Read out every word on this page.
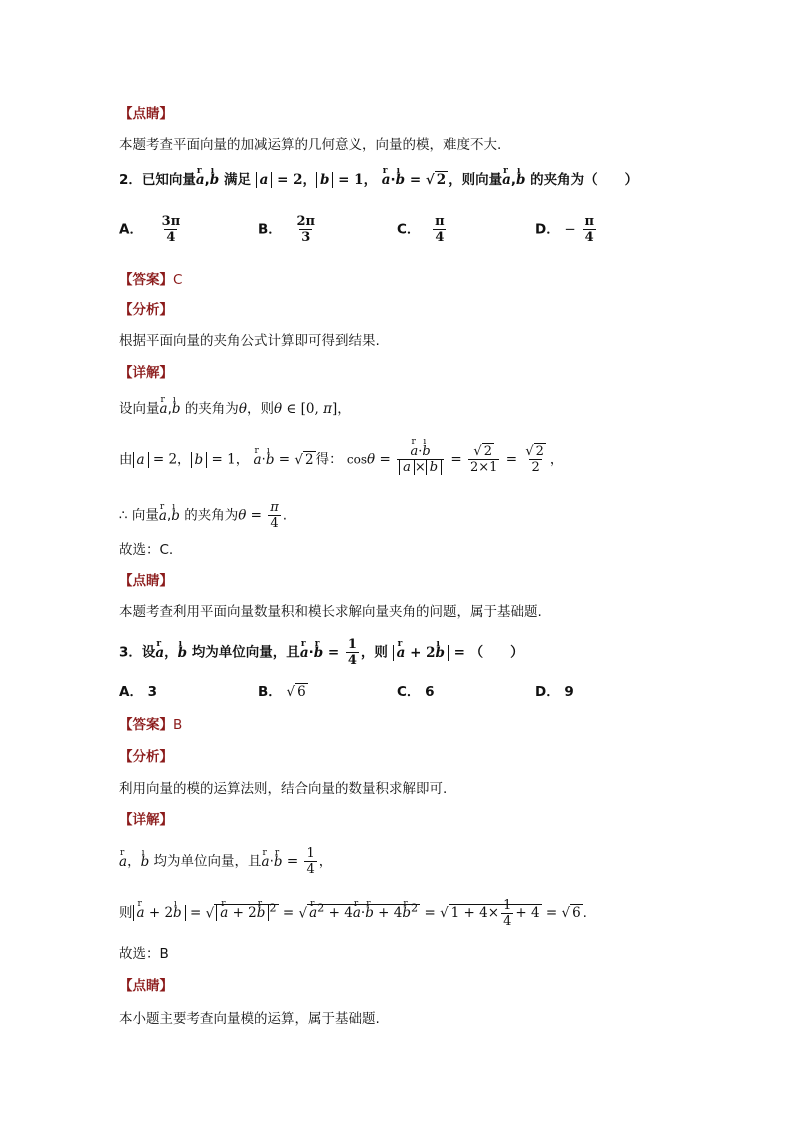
【点睛】
本题考查平面向量的加减运算的几何意义，向量的模，难度不大.
2．已知向量r a,ı b 满足 a = 2， b = 1， r a·ı b = √ 2 ，则向量r a,ı b 的夹角为（　　）
A． $\frac{3\pi}{4}$	B． $\frac{2\pi}{3}$	C． $\frac{\pi}{4}$	D． − $\frac{\pi}{4}$
【答案】C
【分析】
根据平面向量的夹角公式计算即可得到结果.
【详解】
设向量r a,ı b 的夹角为θ，则θ ∈ [0, π]，
由 a = 2， b = 1， r a·ı b = √ 2 得： cosθ = r $\frac{\text{a·ı b}}{a \times b} = \frac{√ 2}{2\times 1} = \frac{√ 2}{2}$ ，
∴ 向量r a,ı b 的夹角为$\theta = \frac{\pi}{4}$ .
故选：C.
【点睛】
本题考查利用平面向量数量积和模长求解向量夹角的问题，属于基础题.
3．设r a，ı b 均为单位向量，且r a·r $b = \frac{1}{4}$ ，则 r a + 2ı b = （　　）
A． 3	B． √ 6	C． 6	D． 9
【答案】B
【分析】
利用向量的模的运算法则，结合向量的数量积求解即可.
【详解】
r a，ı b 均为单位向量，且r a·r $b = \frac{1}{4}$ ，
则 r a + 2ı b = √ r a + 2r b $^2$ = √ r $a^2 + 4r$ a·r b + 4r $b^2$ = √ $1 + 4\times \frac{1}{4} + 4$ = √ 6 .
故选：B
【点睛】
本小题主要考查向量模的运算，属于基础题.
